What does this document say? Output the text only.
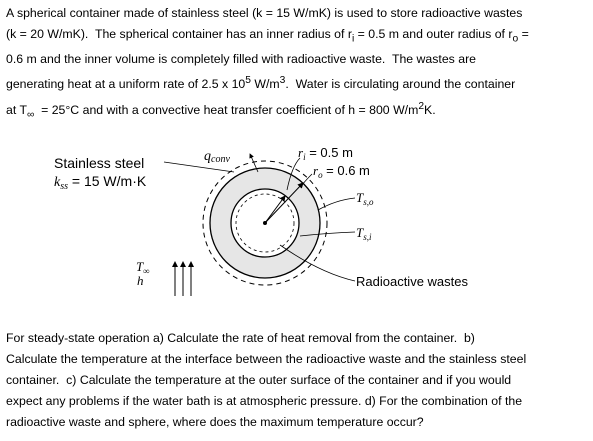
A spherical container made of stainless steel (k = 15 W/mK) is used to store radioactive wastes
(k = 20 W/mK).  The spherical container has an inner radius of $r_i = 0.5$ m and outer radius of $r_o$ =
0.6 m and the inner volume is completely filled with radioactive waste.  The wastes are
generating heat at a uniform rate of 2.5 x $10^5$ $W/m^3$.  Water is circulating around the container
at $T_\infty = 25^\circ C$ and with a convective heat transfer coefficient of h = 800 $W/m^2K$.
Stainless steel
$k_{ss} = 15$ W/m·K
qconv	$r_i = 0.5$ m
$r_o = 0.6$ m
$T_{s,o}$
$T_{s,i}$
$T_\infty$
h	Radioactive wastes
For steady-state operation a) Calculate the rate of heat removal from the container.  b)
Calculate the temperature at the interface between the radioactive waste and the stainless steel
container.  c) Calculate the temperature at the outer surface of the container and if you would
expect any problems if the water bath is at atmospheric pressure. d) For the combination of the
radioactive waste and sphere, where does the maximum temperature occur?
